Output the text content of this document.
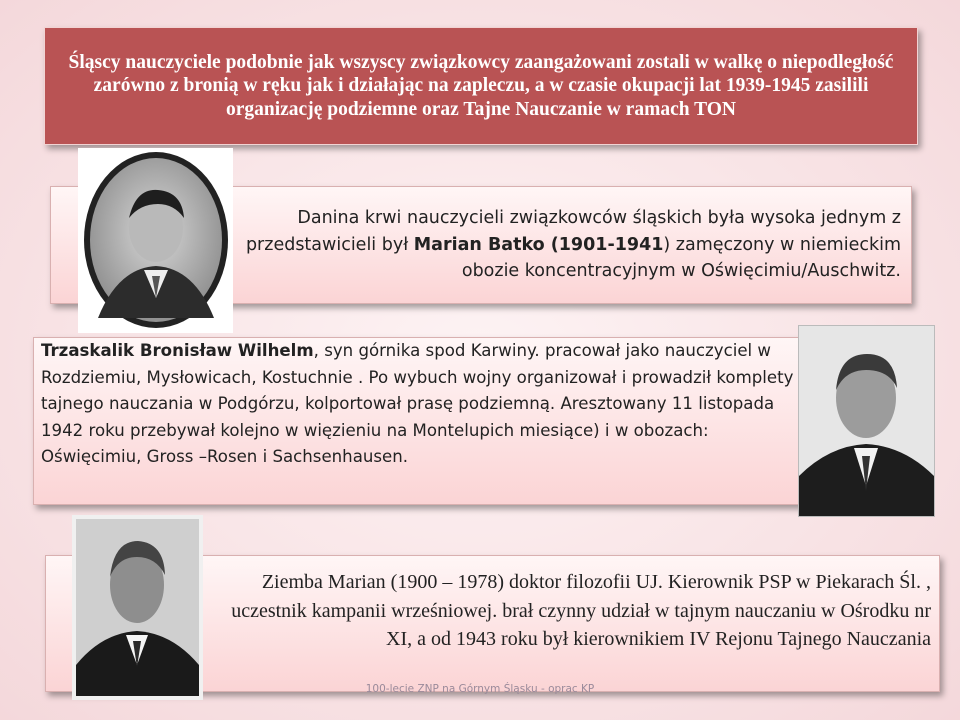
Śląscy nauczyciele podobnie jak wszyscy związkowcy zaangażowani zostali w walkę o niepodległość zarówno z bronią w ręku jak i działając na zapleczu, a w czasie okupacji lat 1939-1945 zasilili organizację podziemne oraz Tajne Nauczanie w ramach TON
Danina krwi nauczycieli związkowców śląskich była wysoka jednym z przedstawicieli był Marian Batko (1901-1941) zamęczony w niemieckim obozie koncentracyjnym w Oświęcimiu/Auschwitz.
Trzaskalik Bronisław Wilhelm, syn górnika spod Karwiny. pracował jako nauczyciel w Rozdziemiu, Mysłowicach, Kostuchnie . Po wybuch wojny organizował i prowadził komplety tajnego nauczania w Podgórzu, kolportował prasę podziemną. Aresztowany 11 listopada 1942 roku przebywał kolejno w więzieniu na Montelupich miesiące) i w obozach: Oświęcimiu, Gross –Rosen i Sachsenhausen.
Ziemba Marian (1900 – 1978) doktor filozofii UJ. Kierownik PSP w Piekarach Śl. , uczestnik kampanii wrześniowej. brał czynny udział w tajnym nauczaniu w Ośrodku nr XI, a od 1943 roku był kierownikiem IV Rejonu Tajnego Nauczania
100-lecie ZNP na Górnym Śląsku - oprac KP
